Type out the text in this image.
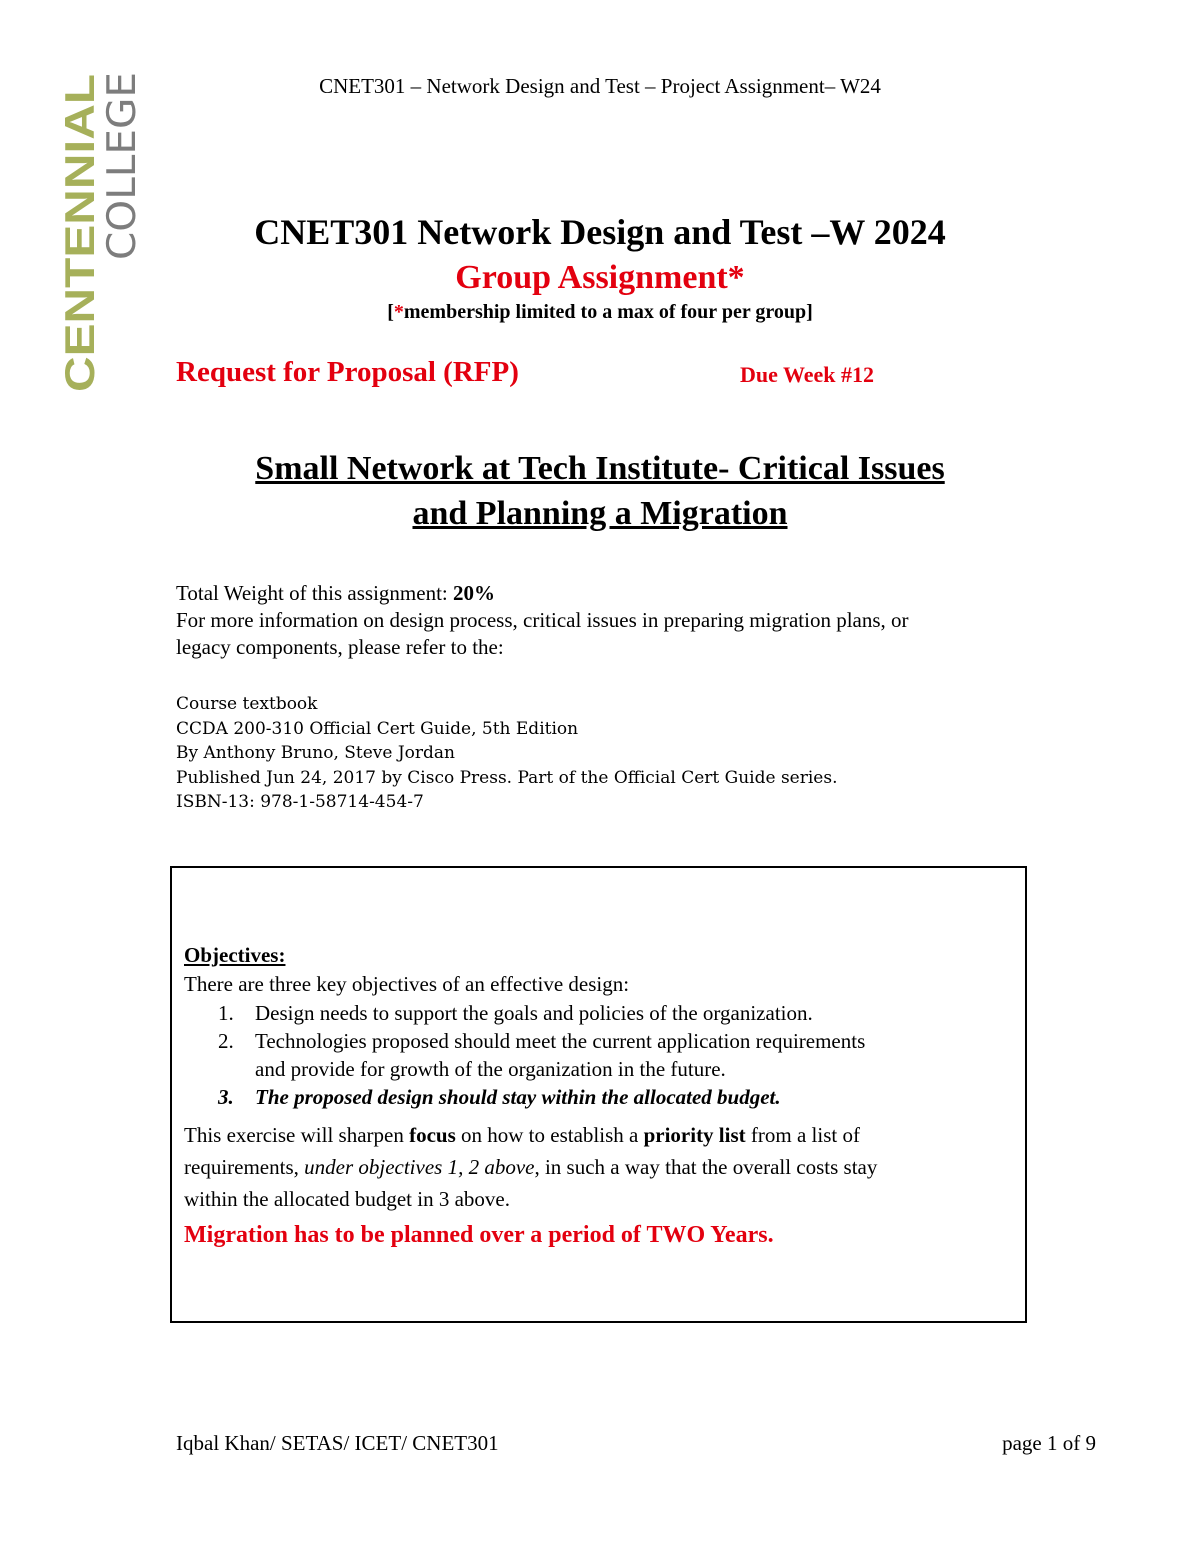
CENTENNIAL
COLLEGE	CNET301 – Network Design and Test – Project Assignment– W24
CNET301 Network Design and Test –W 2024
Group Assignment*
[*membership limited to a max of four per group]
Request for Proposal (RFP)	Due Week #12
Small Network at Tech Institute- Critical Issues
and Planning a Migration
Total Weight of this assignment: 20%
For more information on design process, critical issues in preparing migration plans, or
legacy components, please refer to the:
Course textbook
CCDA 200-310 Official Cert Guide, 5th Edition
By Anthony Bruno, Steve Jordan
Published Jun 24, 2017 by Cisco Press. Part of the Official Cert Guide series.
ISBN-13: 978-1-58714-454-7
Objectives:
There are three key objectives of an effective design:
1. Design needs to support the goals and policies of the organization.
2. Technologies proposed should meet the current application requirements
and provide for growth of the organization in the future.
3. The proposed design should stay within the allocated budget.
This exercise will sharpen focus on how to establish a priority list from a list of
requirements, under objectives 1, 2 above, in such a way that the overall costs stay
within the allocated budget in 3 above.
Migration has to be planned over a period of TWO Years.
Iqbal Khan/ SETAS/ ICET/ CNET301	page 1 of 9
